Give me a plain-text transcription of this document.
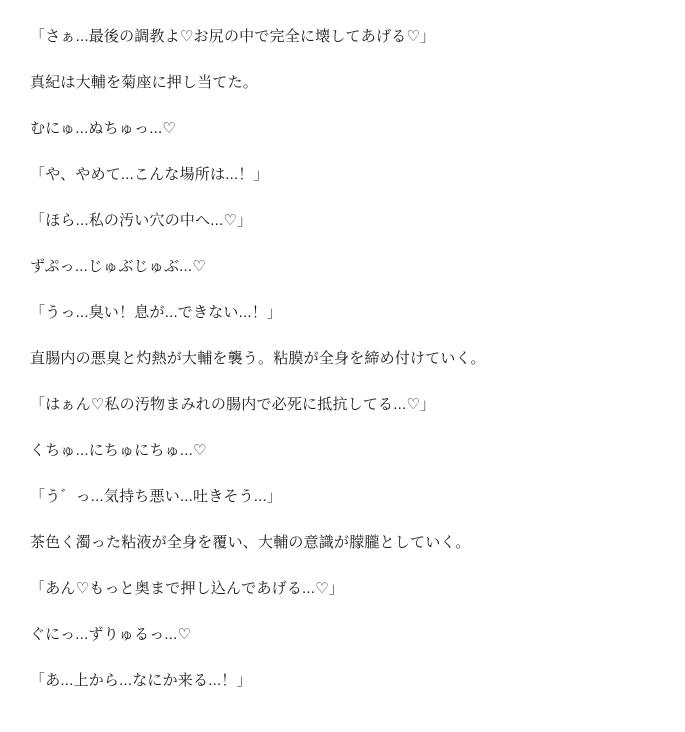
「さぁ...最後の調教よ♡お尻の中で完全に壊してあげる♡」

真紀は大輔を菊座に押し当てた。

むにゅ...ぬちゅっ...♡

「や、やめて...こんな場所は...！」

「ほら...私の汚い穴の中へ...♡」

ずぷっ...じゅぶじゅぶ...♡

「うっ...臭い！息が...できない...！」

直腸内の悪臭と灼熱が大輔を襲う。粘膜が全身を締め付けていく。

「はぁん♡私の汚物まみれの腸内で必死に抵抗してる...♡」

くちゅ...にちゅにちゅ...♡

「う゛っ...気持ち悪い...吐きそう...」

茶色く濁った粘液が全身を覆い、大輔の意識が朦朧としていく。

「あん♡もっと奥まで押し込んであげる...♡」

ぐにっ...ずりゅるっ...♡

「あ...上から...なにか来る...！」
